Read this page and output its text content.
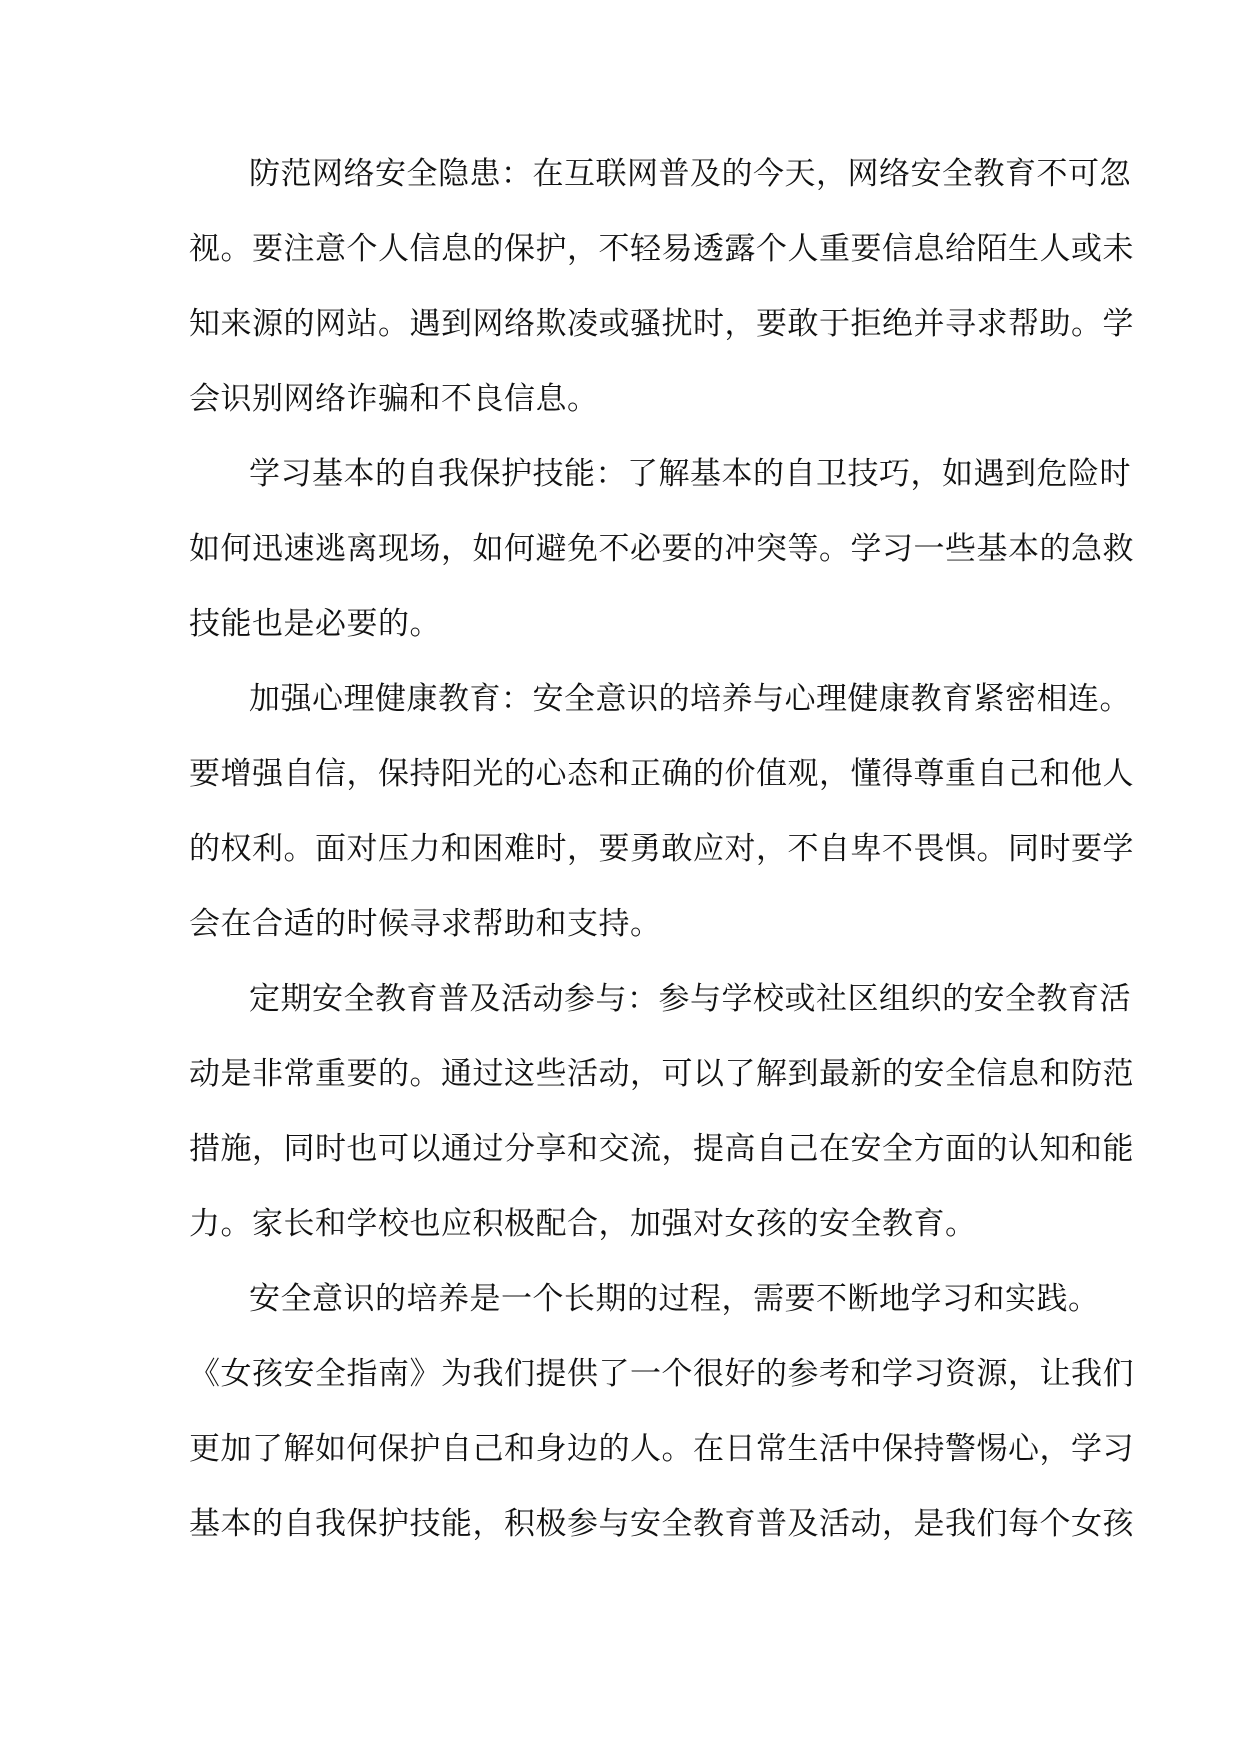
防范网络安全隐患：在互联网普及的今天，网络安全教育不可忽
视。要注意个人信息的保护，不轻易透露个人重要信息给陌生人或未
知来源的网站。遇到网络欺凌或骚扰时，要敢于拒绝并寻求帮助。学
会识别网络诈骗和不良信息。
学习基本的自我保护技能：了解基本的自卫技巧，如遇到危险时
如何迅速逃离现场，如何避免不必要的冲突等。学习一些基本的急救
技能也是必要的。
加强心理健康教育：安全意识的培养与心理健康教育紧密相连。
要增强自信，保持阳光的心态和正确的价值观，懂得尊重自己和他人
的权利。面对压力和困难时，要勇敢应对，不自卑不畏惧。同时要学
会在合适的时候寻求帮助和支持。
定期安全教育普及活动参与：参与学校或社区组织的安全教育活
动是非常重要的。通过这些活动，可以了解到最新的安全信息和防范
措施，同时也可以通过分享和交流，提高自己在安全方面的认知和能
力。家长和学校也应积极配合，加强对女孩的安全教育。
安全意识的培养是一个长期的过程，需要不断地学习和实践。
《女孩安全指南》为我们提供了一个很好的参考和学习资源，让我们
更加了解如何保护自己和身边的人。在日常生活中保持警惕心，学习
基本的自我保护技能，积极参与安全教育普及活动，是我们每个女孩
